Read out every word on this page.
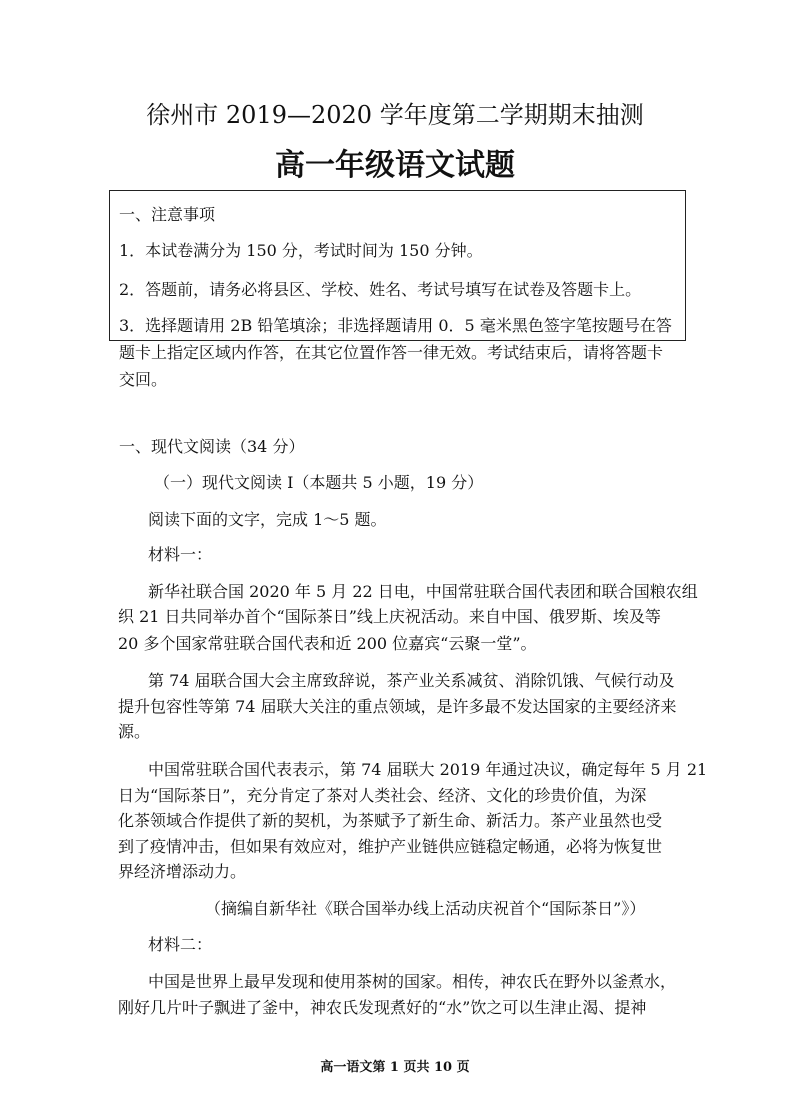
徐州市 2019—2020 学年度第二学期期末抽测
高一年级语文试题
一、注意事项
1．本试卷满分为 150 分，考试时间为 150 分钟。
2．答题前，请务必将县区、学校、姓名、考试号填写在试卷及答题卡上。
3．选择题请用 2B 铅笔填涂；非选择题请用 0．5 毫米黑色签字笔按题号在答
题卡上指定区域内作答，在其它位置作答一律无效。考试结束后，请将答题卡
交回。
一、现代文阅读（34 分）
（一）现代文阅读 I（本题共 5 小题，19 分）
阅读下面的文字，完成 1～5 题。
材料一：
新华社联合国 2020 年 5 月 22 日电，中国常驻联合国代表团和联合国粮农组
织 21 日共同举办首个“国际茶日”线上庆祝活动。来自中国、俄罗斯、埃及等
20 多个国家常驻联合国代表和近 200 位嘉宾“云聚一堂”。
第 74 届联合国大会主席致辞说，茶产业关系减贫、消除饥饿、气候行动及
提升包容性等第 74 届联大关注的重点领域，是许多最不发达国家的主要经济来
源。
中国常驻联合国代表表示，第 74 届联大 2019 年通过决议，确定每年 5 月 21
日为“国际茶日”，充分肯定了茶对人类社会、经济、文化的珍贵价值，为深
化茶领域合作提供了新的契机，为茶赋予了新生命、新活力。茶产业虽然也受
到了疫情冲击，但如果有效应对，维护产业链供应链稳定畅通，必将为恢复世
界经济增添动力。
（摘编自新华社《联合国举办线上活动庆祝首个“国际茶日”》）
材料二：
中国是世界上最早发现和使用茶树的国家。相传，神农氏在野外以釜煮水，
刚好几片叶子飘进了釜中，神农氏发现煮好的“水”饮之可以生津止渴、提神
高一语文第 1 页共 10 页
